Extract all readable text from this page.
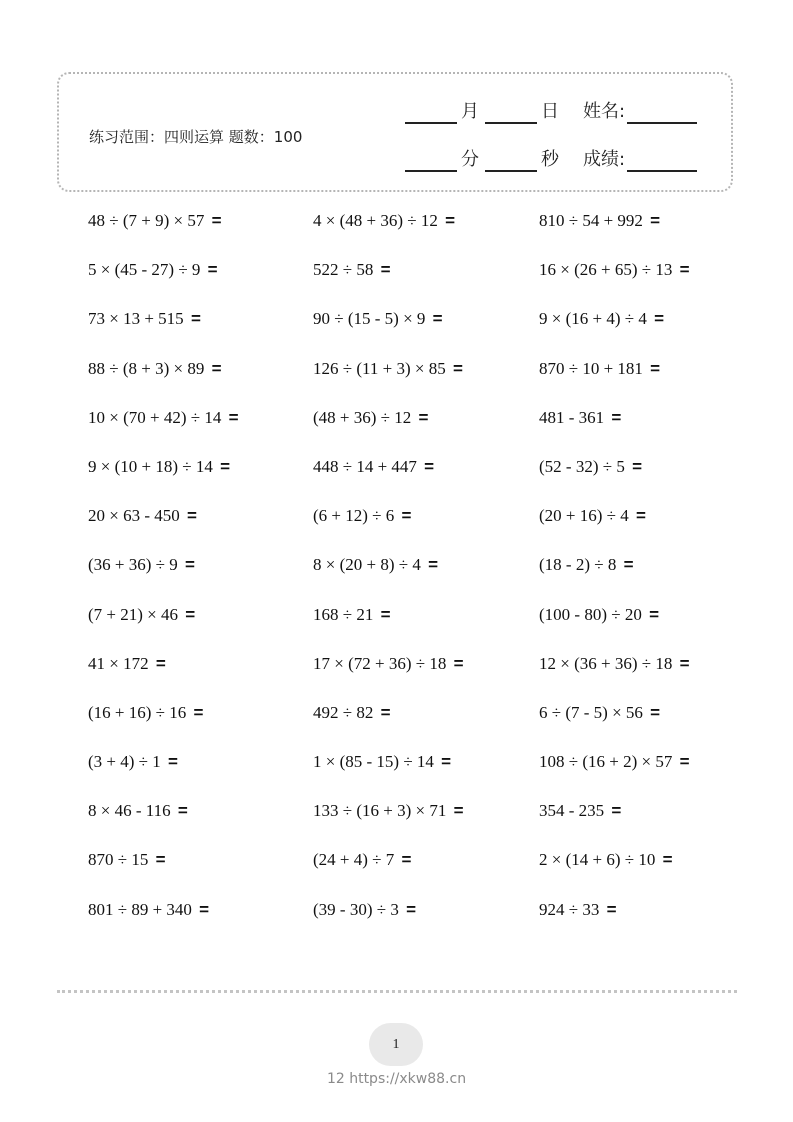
练习范围：四则运算 题数：100
月	日 姓名:
分	秒 成绩:
48 ÷ (7 + 9) × 57 =	4 × (48 + 36) ÷ 12 =	810 ÷ 54 + 992 =
5 × (45 - 27) ÷ 9 =	522 ÷ 58 =	16 × (26 + 65) ÷ 13 =
73 × 13 + 515 =	90 ÷ (15 - 5) × 9 =	9 × (16 + 4) ÷ 4 =
88 ÷ (8 + 3) × 89 =	126 ÷ (11 + 3) × 85 =	870 ÷ 10 + 181 =
10 × (70 + 42) ÷ 14 =	(48 + 36) ÷ 12 =	481 - 361 =
9 × (10 + 18) ÷ 14 =	448 ÷ 14 + 447 =	(52 - 32) ÷ 5 =
20 × 63 - 450 =	(6 + 12) ÷ 6 =	(20 + 16) ÷ 4 =
(36 + 36) ÷ 9 =	8 × (20 + 8) ÷ 4 =	(18 - 2) ÷ 8 =
(7 + 21) × 46 =	168 ÷ 21 =	(100 - 80) ÷ 20 =
41 × 172 =	17 × (72 + 36) ÷ 18 =	12 × (36 + 36) ÷ 18 =
(16 + 16) ÷ 16 =	492 ÷ 82 =	6 ÷ (7 - 5) × 56 =
(3 + 4) ÷ 1 =	1 × (85 - 15) ÷ 14 =	108 ÷ (16 + 2) × 57 =
8 × 46 - 116 =	133 ÷ (16 + 3) × 71 =	354 - 235 =
870 ÷ 15 =	(24 + 4) ÷ 7 =	2 × (14 + 6) ÷ 10 =
801 ÷ 89 + 340 =	(39 - 30) ÷ 3 =	924 ÷ 33 =
1
12 https://xkw88.cn
